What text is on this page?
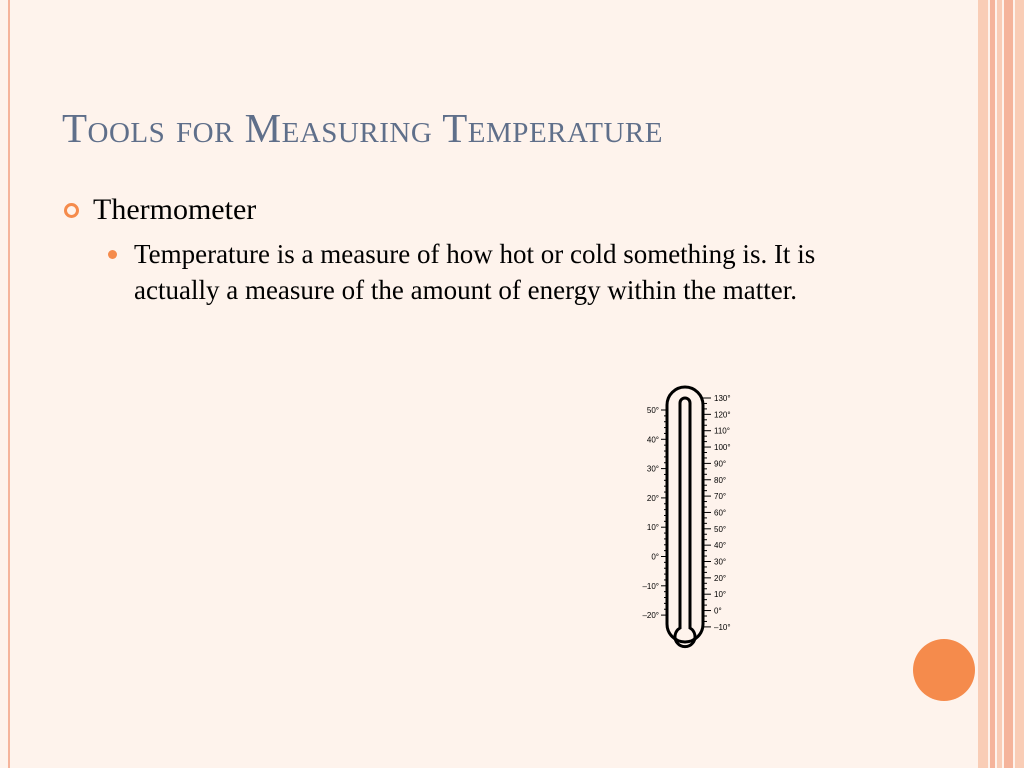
Tools for Measuring Temperature
Thermometer
Temperature is a measure of how hot or cold something is. It is actually a measure of the amount of energy within the matter.
50°
40°
30°
20°
10°
0°
–10°
–20°
130°
120°
110°
100°
90°
80°
70°
60°
50°
40°
30°
20°
10°
0°
–10°
